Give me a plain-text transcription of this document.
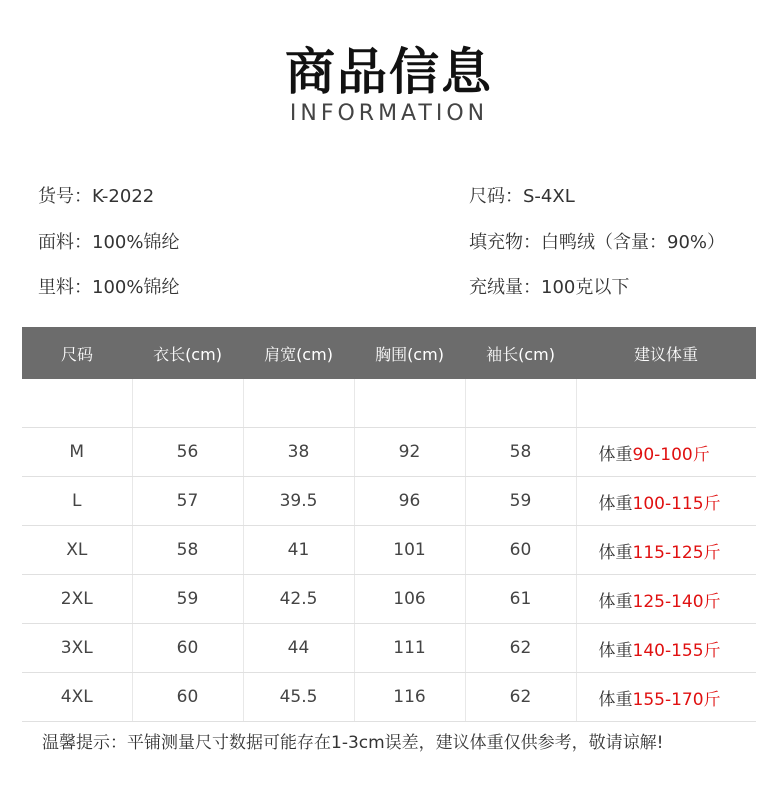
商品信息
INFORMATION
货号：K-2022
面料：100%锦纶
里料：100%锦纶
尺码：S-4XL
填充物：白鸭绒（含量：90%）
充绒量：100克以下
尺码	衣长(cm)	肩宽(cm)	胸围(cm)	袖长(cm)	建议体重

M	56	38	92	58	体重90-100斤
L	57	39.5	96	59	体重100-115斤
XL	58	41	101	60	体重115-125斤
2XL	59	42.5	106	61	体重125-140斤
3XL	60	44	111	62	体重140-155斤
4XL	60	45.5	116	62	体重155-170斤
温馨提示：平铺测量尺寸数据可能存在1-3cm误差，建议体重仅供参考，敬请谅解!
